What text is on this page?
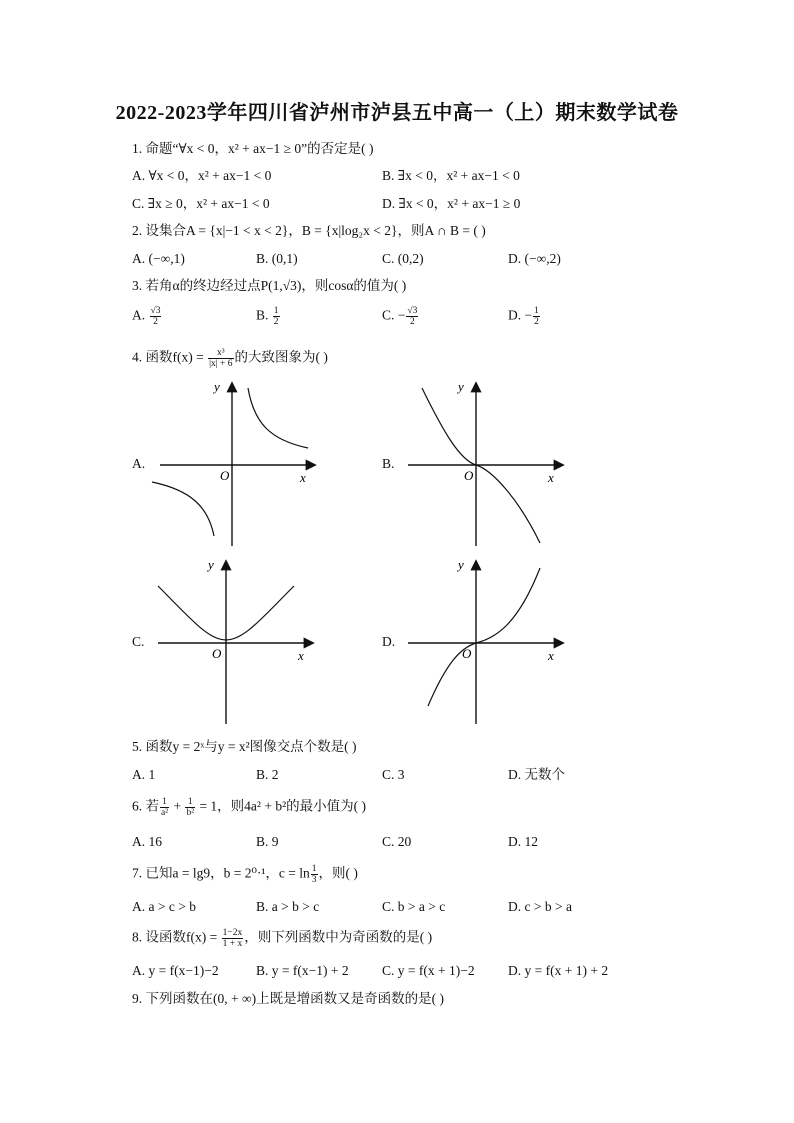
2022-2023学年四川省泸州市泸县五中高一（上）期末数学试卷
1. 命题“∀x < 0，x² + ax−1 ≥ 0”的否定是( )
A. ∀x < 0，x² + ax−1 < 0	B. ∃x < 0，x² + ax−1 < 0
C. ∃x ≥ 0，x² + ax−1 < 0	D. ∃x < 0，x² + ax−1 ≥ 0
2. 设集合A = {x|−1 < x < 2}，B = {x|log₂x < 2}，则A ∩ B = ( )
A. (−∞,1)	B. (0,1)	C. (0,2)	D. (−∞,2)
3. 若角α的终边经过点P(1,√3)，则cosα的值为( )
A. $\frac{√3}{2}$	B. $\frac{1}{2}$	C. − $\frac{√3}{2}$	D. − $\frac{1}{2}$
4. 函数$f(x) = \frac{\text{x³}}{|x| + 6}$ 的大致图象为( )
A.	B.
C.	D.
y
x
O
y
x
O
y
x
O
y
x
O
5. 函数y = 2ˣ与y = x²图像交点个数是( )
A. 1	B. 2	C. 3	D. 无数个
6. 若 $\frac{1}{\text{a²}} + \frac{1}{\text{b²}} = 1$，则4a² + b²的最小值为( )
A. 16	B. 9	C. 20	D. 12
7. 已知a = lg9，b = 2⁰·¹，$c = \ln \frac{1}{3}$ ，则( )
A. a > c > b	B. a > b > c	C. b > a > c	D. c > b > a
8. 设函数$f(x) = \frac{1-2x}{1 + x}$ ，则下列函数中为奇函数的是( )
A. y = f(x−1)−2	B. y = f(x−1) + 2 C. y = f(x + 1)−2 D. y = f(x + 1) + 2
9. 下列函数在(0, + ∞)上既是增函数又是奇函数的是( )
